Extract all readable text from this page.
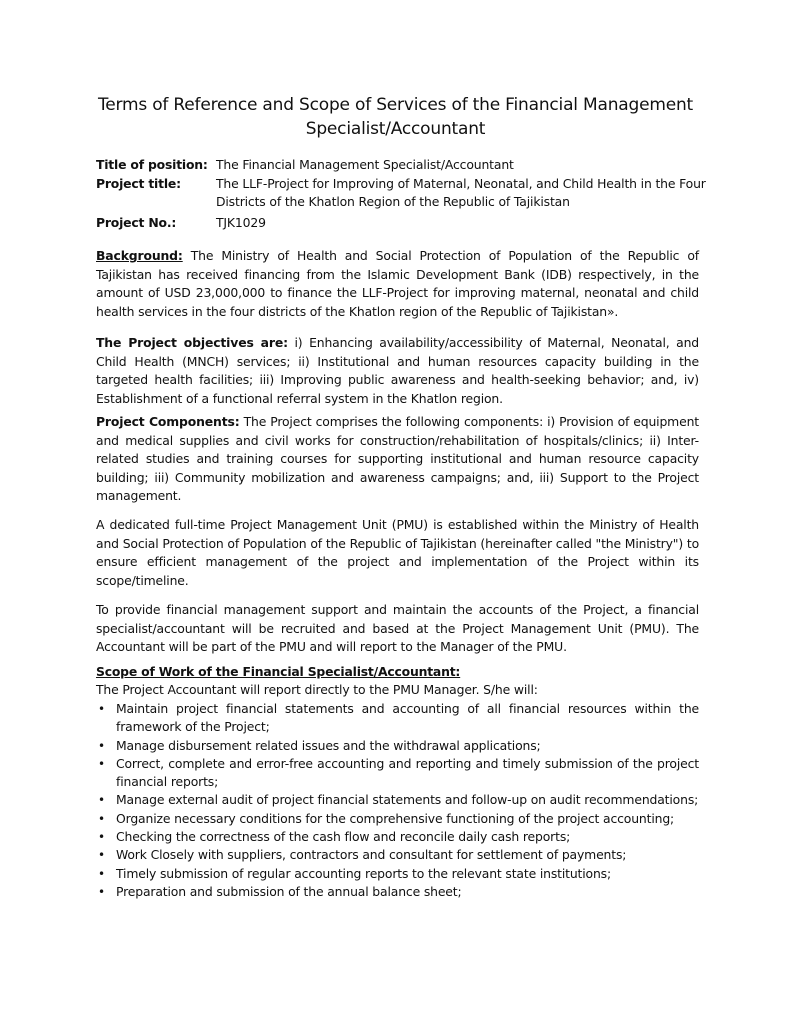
Terms of Reference and Scope of Services of the Financial Management Specialist/Accountant
Title of position: The Financial Management Specialist/Accountant
Project title:	The LLF-Project for Improving of Maternal, Neonatal, and Child Health in the Four Districts of the Khatlon Region of the Republic of Tajikistan
Project No.:	TJK1029

Background: The Ministry of Health and Social Protection of Population of the Republic of Tajikistan has received financing from the Islamic Development Bank (IDB) respectively, in the amount of USD 23,000,000 to finance the LLF-Project for improving maternal, neonatal and child health services in the four districts of the Khatlon region of the Republic of Tajikistan».

The Project objectives are: i) Enhancing availability/accessibility of Maternal, Neonatal, and Child Health (MNCH) services; ii) Institutional and human resources capacity building in the targeted health facilities; iii) Improving public awareness and health-seeking behavior; and, iv) Establishment of a functional referral system in the Khatlon region.

Project Components: The Project comprises the following components: i) Provision of equipment and medical supplies and civil works for construction/rehabilitation of hospitals/clinics; ii) Inter-related studies and training courses for supporting institutional and human resource capacity building; iii) Community mobilization and awareness campaigns; and, iii) Support to the Project management.

A dedicated full-time Project Management Unit (PMU) is established within the Ministry of Health and Social Protection of Population of the Republic of Tajikistan (hereinafter called "the Ministry") to ensure efficient management of the project and implementation of the Project within its scope/timeline.

To provide financial management support and maintain the accounts of the Project, a financial specialist/accountant will be recruited and based at the Project Management Unit (PMU). The Accountant will be part of the PMU and will report to the Manager of the PMU.

Scope of Work of the Financial Specialist/Accountant:

The Project Accountant will report directly to the PMU Manager. S/he will:

• Maintain project financial statements and accounting of all financial resources within the framework of the Project;
• Manage disbursement related issues and the withdrawal applications;
• Correct, complete and error-free accounting and reporting and timely submission of the project financial reports;
• Manage external audit of project financial statements and follow-up on audit recommendations;
• Organize necessary conditions for the comprehensive functioning of the project accounting;
• Checking the correctness of the cash flow and reconcile daily cash reports;
• Work Closely with suppliers, contractors and consultant for settlement of payments;
• Timely submission of regular accounting reports to the relevant state institutions;
• Preparation and submission of the annual balance sheet;
